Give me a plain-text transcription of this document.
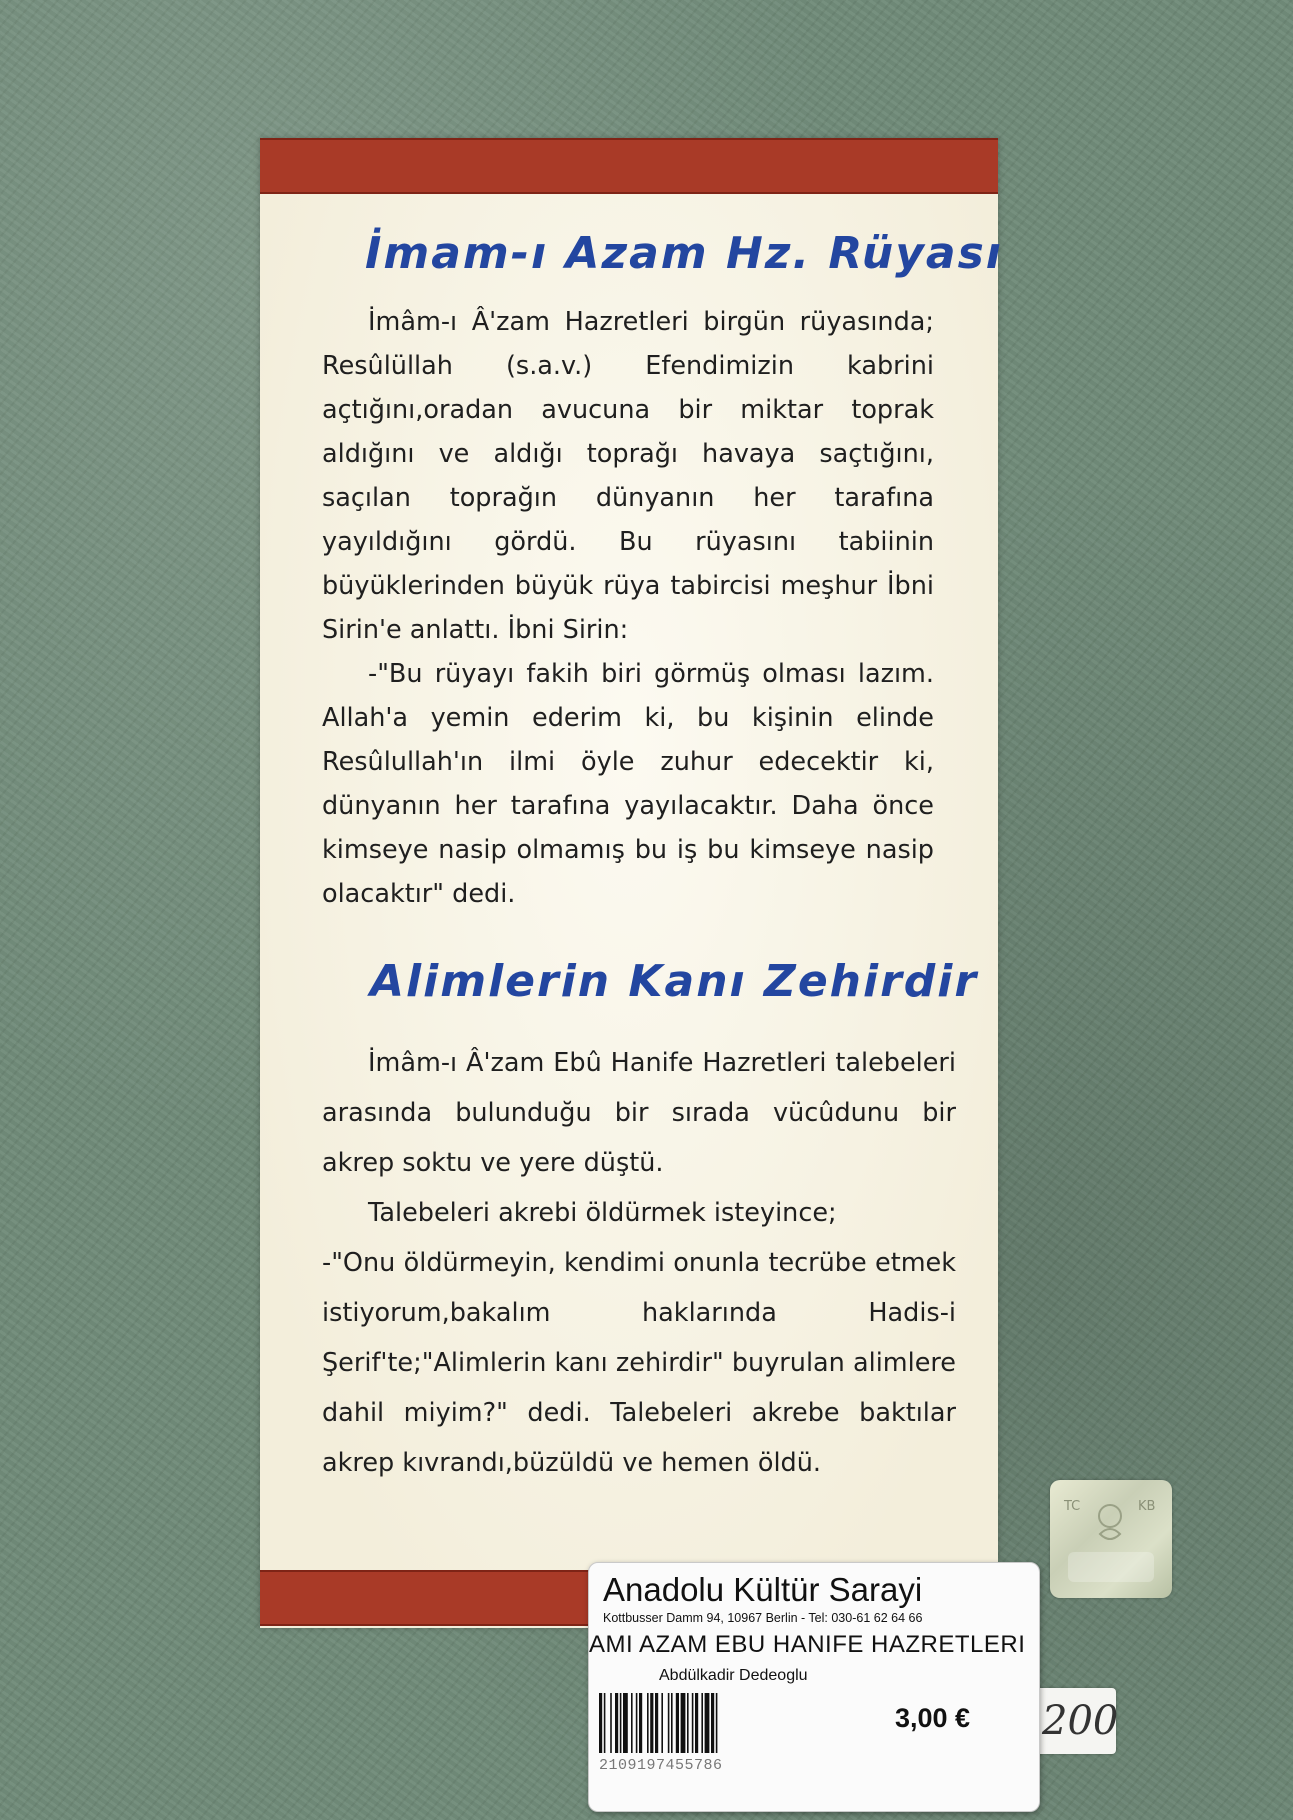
İmam-ı Azam Hz. Rüyası

İmâm-ı Â'zam Hazretleri birgün rüyasında; Resûlüllah (s.a.v.) Efendimizin kabrini açtığını,oradan avucuna bir miktar toprak aldığını ve aldığı toprağı havaya saçtığını, saçılan toprağın dünyanın her tarafına yayıldığını gördü. Bu rüyasını tabiinin büyüklerinden büyük rüya tabircisi meşhur İbni Sirin'e anlattı. İbni Sirin:

-"Bu rüyayı fakih biri görmüş olması lazım. Allah'a yemin ederim ki, bu kişinin elinde Resûlullah'ın ilmi öyle zuhur edecektir ki, dünyanın her tarafına yayılacaktır. Daha önce kimseye nasip olmamış bu iş bu kimseye nasip olacaktır" dedi.

Alimlerin Kanı Zehirdir

İmâm-ı Â'zam Ebû Hanife Hazretleri talebeleri arasında bulunduğu bir sırada vücûdunu bir akrep soktu ve yere düştü.

Talebeleri akrebi öldürmek isteyince;

-"Onu öldürmeyin, kendimi onunla tecrübe etmek istiyorum,bakalım haklarında Hadis-i Şerif'te;"Alimlerin kanı zehirdir" buyrulan alimlere dahil miyim?" dedi. Talebeleri akrebe baktılar akrep kıvrandı,büzüldü ve hemen öldü.

TC	KB
200
Anadolu Kültür Sarayi
Kottbusser Damm 94, 10967 Berlin - Tel: 030-61 62 64 66
AMI AZAM EBU HANIFE HAZRETLERI
Abdülkadir Dedeoglu
2109197455786
3,00 €
